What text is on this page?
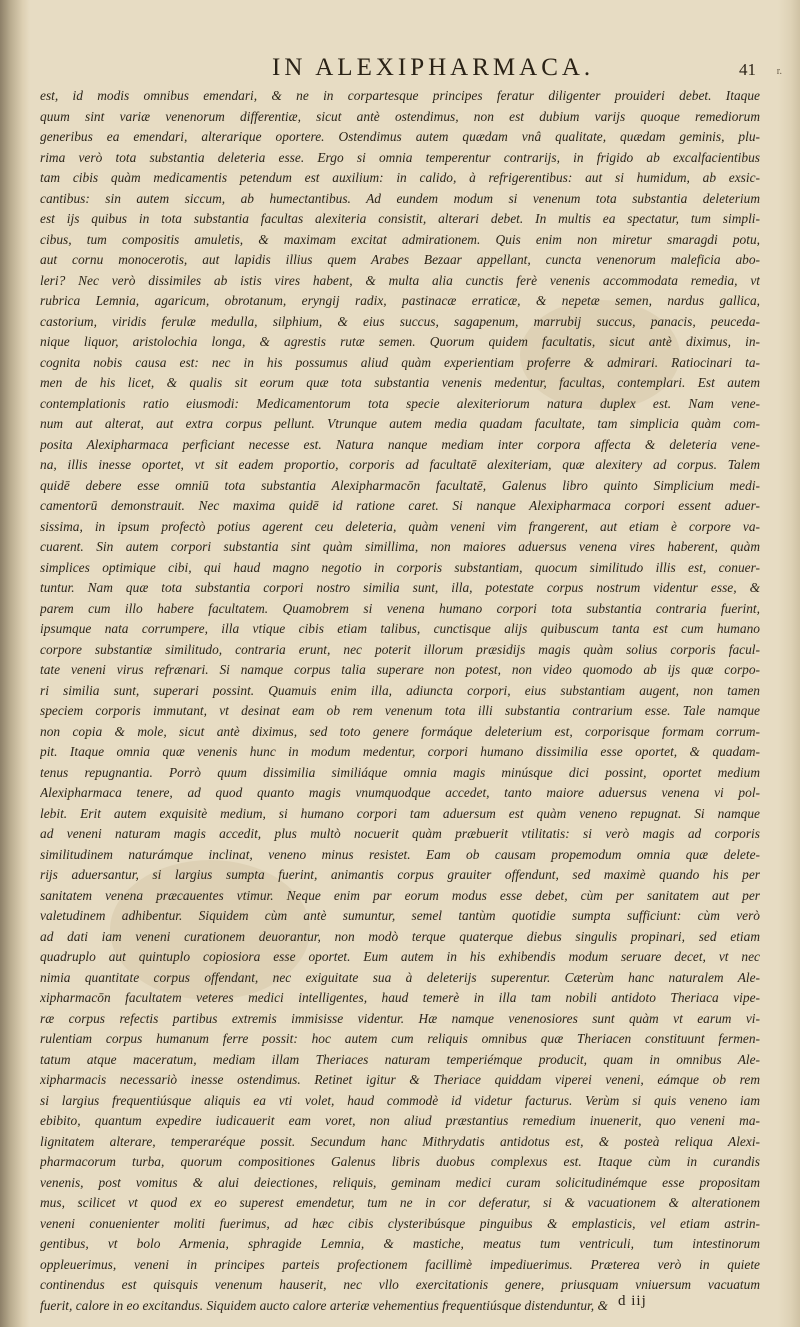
IN ALEXIPHARMACA.	41 r.
est, id modis omnibus emendari, & ne in corpartesque principes feratur diligenter prouideri debet. Itaque
quum sint variæ venenorum differentiæ, sicut antè ostendimus, non est dubium varijs quoque remediorum
generibus ea emendari, alterarique oportere. Ostendimus autem quædam vnâ qualitate, quædam geminis, plu-
rima verò tota substantia deleteria esse. Ergo si omnia temperentur contrarijs, in frigido ab excalfacientibus
tam cibis quàm medicamentis petendum est auxilium: in calido, à refrigerentibus: aut si humidum, ab exsic-
cantibus: sin autem siccum, ab humectantibus. Ad eundem modum si venenum tota substantia deleterium
est ijs quibus in tota substantia facultas alexiteria consistit, alterari debet. In multis ea spectatur, tum simpli-
cibus, tum compositis amuletis, & maximam excitat admirationem. Quis enim non miretur smaragdi potu,
aut cornu monocerotis, aut lapidis illius quem Arabes Bezaar appellant, cuncta venenorum maleficia abo-
leri? Nec verò dissimiles ab istis vires habent, & multa alia cunctis ferè venenis accommodata remedia, vt
rubrica Lemnia, agaricum, obrotanum, eryngij radix, pastinacæ erraticæ, & nepetæ semen, nardus gallica,
castorium, viridis ferulæ medulla, silphium, & eius succus, sagapenum, marrubij succus, panacis, peuceda-
nique liquor, aristolochia longa, & agrestis rutæ semen. Quorum quidem facultatis, sicut antè diximus, in-
cognita nobis causa est: nec in his possumus aliud quàm experientiam proferre & admirari. Ratiocinari ta-
men de his licet, & qualis sit eorum quæ tota substantia venenis medentur, facultas, contemplari. Est autem
contemplationis ratio eiusmodi: Medicamentorum tota specie alexiteriorum natura duplex est. Nam vene-
num aut alterat, aut extra corpus pellunt. Vtrunque autem media quadam facultate, tam simplicia quàm com-
posita Alexipharmaca perficiant necesse est. Natura nanque mediam inter corpora affecta & deleteria vene-
na, illis inesse oportet, vt sit eadem proportio, corporis ad facultatē alexiteriam, quæ alexitery ad corpus. Talem
quidē debere esse omniū tota substantia Alexipharmacōn facultatē, Galenus libro quinto Simplicium medi-
camentorū demonstrauit. Nec maxima quidē id ratione caret. Si nanque Alexipharmaca corpori essent aduer-
sissima, in ipsum profectò potius agerent ceu deleteria, quàm veneni vim frangerent, aut etiam è corpore va-
cuarent. Sin autem corpori substantia sint quàm simillima, non maiores aduersus venena vires haberent, quàm
simplices optimique cibi, qui haud magno negotio in corporis substantiam, quocum similitudo illis est, conuer-
tuntur. Nam quæ tota substantia corpori nostro similia sunt, illa, potestate corpus nostrum videntur esse, &
parem cum illo habere facultatem. Quamobrem si venena humano corpori tota substantia contraria fuerint,
ipsumque nata corrumpere, illa vtique cibis etiam talibus, cunctisque alijs quibuscum tanta est cum humano
corpore substantiæ similitudo, contraria erunt, nec poterit illorum præsidijs magis quàm solius corporis facul-
tate veneni virus refrænari. Si namque corpus talia superare non potest, non video quomodo ab ijs quæ corpo-
ri similia sunt, superari possint. Quamuis enim illa, adiuncta corpori, eius substantiam augent, non tamen
speciem corporis immutant, vt desinat eam ob rem venenum tota illi substantia contrarium esse. Tale namque
non copia & mole, sicut antè diximus, sed toto genere formáque deleterium est, corporisque formam corrum-
pit. Itaque omnia quæ venenis hunc in modum medentur, corpori humano dissimilia esse oportet, & quadam-
tenus repugnantia. Porrò quum dissimilia similiáque omnia magis minúsque dici possint, oportet medium
Alexipharmaca tenere, ad quod quanto magis vnumquodque accedet, tanto maiore aduersus venena vi pol-
lebit. Erit autem exquisitè medium, si humano corpori tam aduersum est quàm veneno repugnat. Si namque
ad veneni naturam magis accedit, plus multò nocuerit quàm præbuerit vtilitatis: si verò magis ad corporis
similitudinem naturámque inclinat, veneno minus resistet. Eam ob causam propemodum omnia quæ delete-
rijs aduersantur, si largius sumpta fuerint, animantis corpus grauiter offendunt, sed maximè quando his per
sanitatem venena præcauentes vtimur. Neque enim par eorum modus esse debet, cùm per sanitatem aut per
valetudinem adhibentur. Siquidem cùm antè sumuntur, semel tantùm quotidie sumpta sufficiunt: cùm verò
ad dati iam veneni curationem deuorantur, non modò terque quaterque diebus singulis propinari, sed etiam
quadruplo aut quintuplo copiosiora esse oportet. Eum autem in his exhibendis modum seruare decet, vt nec
nimia quantitate corpus offendant, nec exiguitate sua à deleterijs superentur. Cæterùm hanc naturalem Ale-
xipharmacōn facultatem veteres medici intelligentes, haud temerè in illa tam nobili antidoto Theriaca vipe-
ræ corpus refectis partibus extremis immisisse videntur. Hæ namque venenosiores sunt quàm vt earum vi-
rulentiam corpus humanum ferre possit: hoc autem cum reliquis omnibus quæ Theriacen constituunt fermen-
tatum atque maceratum, mediam illam Theriaces naturam temperiémque producit, quam in omnibus Ale-
xipharmacis necessariò inesse ostendimus. Retinet igitur & Theriace quiddam viperei veneni, eámque ob rem
si largius frequentiúsque aliquis ea vti volet, haud commodè id videtur facturus. Verùm si quis veneno iam
ebibito, quantum expedire iudicauerit eam voret, non aliud præstantius remedium inuenerit, quo veneni ma-
lignitatem alterare, temperaréque possit. Secundum hanc Mithrydatis antidotus est, & posteà reliqua Alexi-
pharmacorum turba, quorum compositiones Galenus libris duobus complexus est. Itaque cùm in curandis
venenis, post vomitus & alui deiectiones, reliquis, geminam medici curam solicitudinémque esse propositam
mus, scilicet vt quod ex eo superest emendetur, tum ne in cor deferatur, si & vacuationem & alterationem
veneni conuenienter moliti fuerimus, ad hæc cibis clysteribúsque pinguibus & emplasticis, vel etiam astrin-
gentibus, vt bolo Armenia, sphragide Lemnia, & mastiche, meatus tum ventriculi, tum intestinorum
oppleuerimus, veneni in principes parteis profectionem facillimè impediuerimus. Præterea verò in quiete
continendus est quisquis venenum hauserit, nec vllo exercitationis genere, priusquam vniuersum vacuatum
fuerit, calore in eo excitandus. Siquidem aucto calore arteriæ vehementius frequentiúsque distenduntur, & d iij
